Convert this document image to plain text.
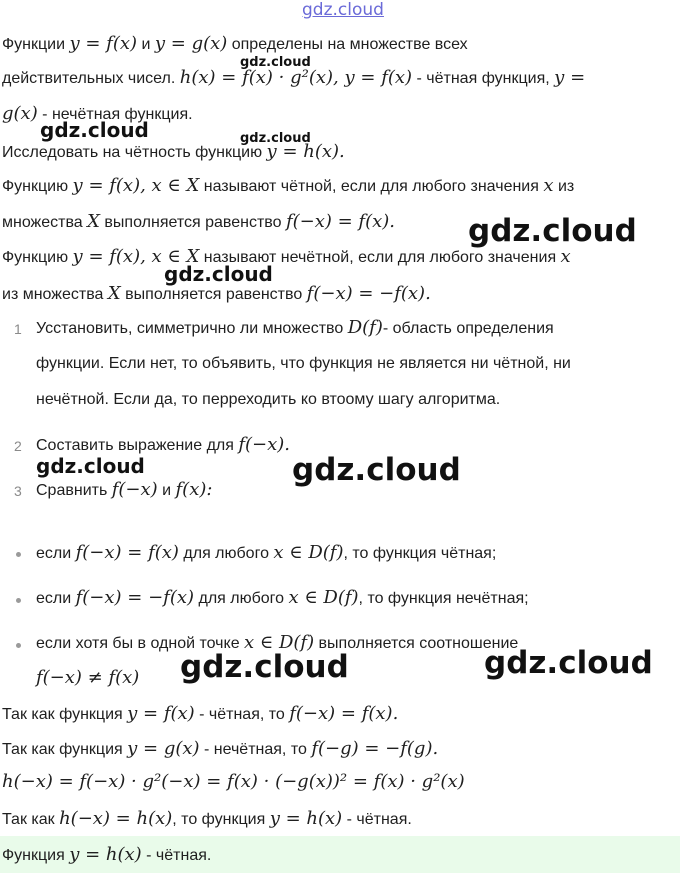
gdz.cloud
Функции y = f(x) и y = g(x) определены на множестве всех
действительных чисел. h(x) = f(x) · g²(x), y = f(x) - чётная функция, y =
g(x) - нечётная функция.
Исследовать на чётность функцию y = h(x).
Функцию y = f(x), x ∈ X называют чётной, если для любого значения x из
множества X выполняется равенство f(−x) = f(x).
Функцию y = f(x), x ∈ X называют нечётной, если для любого значения x
из множества X выполняется равенство f(−x) = −f(x).
1 Усстановить, симметрично ли множество D(f)- область определения
функции. Если нет, то объявить, что функция не является ни чётной, ни
нечётной. Если да, то перреходить ко втоому шагу алгоритма.
2 Составить выражение для f(−x).
3 Сравнить f(−x) и f(x):
если f(−x) = f(x) для любого x ∈ D(f), то функция чётная;
если f(−x) = −f(x) для любого x ∈ D(f), то функция нечётная;
если хотя бы в одной точке x ∈ D(f) выполняется соотношение
f(−x) ≠ f(x)
Так как функция y = f(x) - чётная, то f(−x) = f(x).
Так как функция y = g(x) - нечётная, то f(−g) = −f(g).
h(−x) = f(−x) · g²(−x) = f(x) · (−g(x))² = f(x) · g²(x)
Так как h(−x) = h(x), то функция y = h(x) - чётная.
Функция y = h(x) - чётная.
gdz.cloud
gdz.cloud	gdz.cloud
gdz.cloud
gdz.cloud
gdz.cloud	gdz.cloud
gdz.cloud
gdz.cloud
